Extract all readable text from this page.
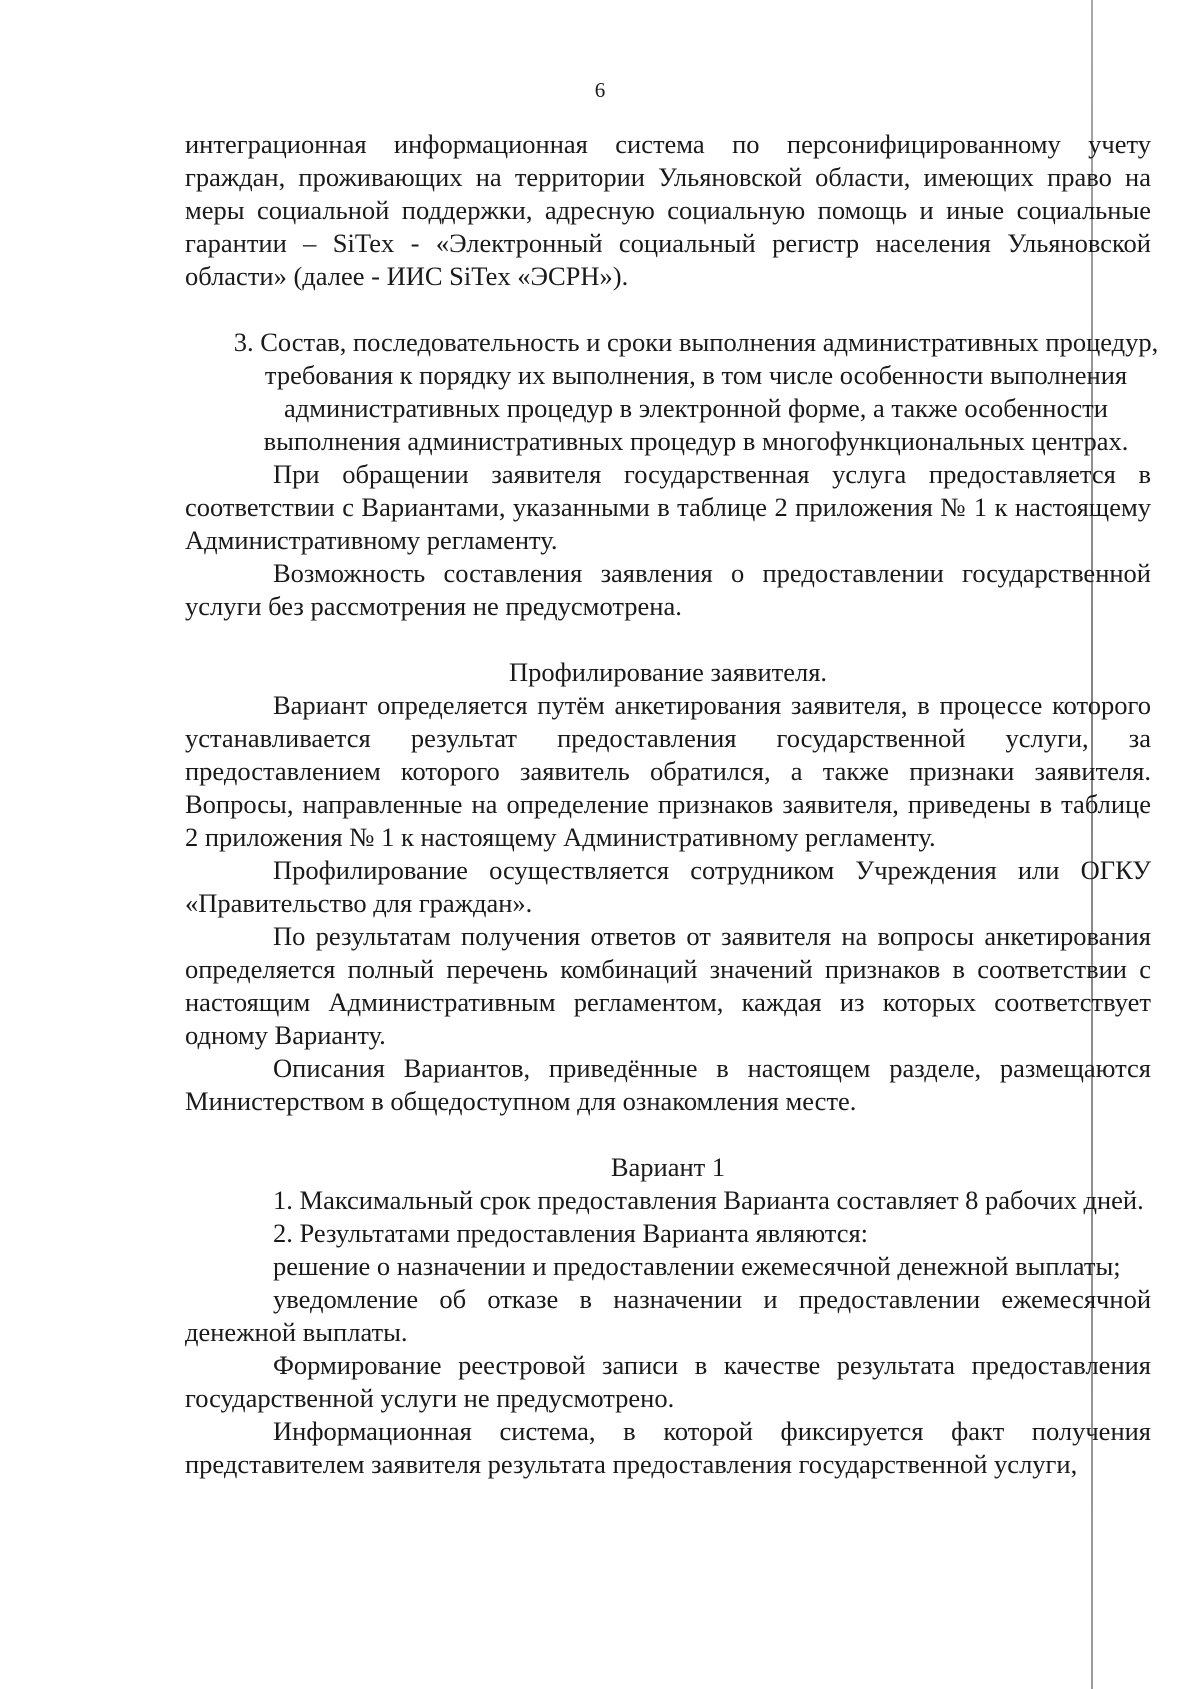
6

интеграционная информационная система по персонифицированному учету граждан, проживающих на территории Ульяновской области, имеющих право на меры социальной поддержки, адресную социальную помощь и иные социальные гарантии – SiTex - «Электронный социальный регистр населения Ульяновской области» (далее - ИИС SiTex «ЭСРН»).

3. Состав, последовательность и сроки выполнения административных процедур, требования к порядку их выполнения, в том числе особенности выполнения административных процедур в электронной форме, а также особенности выполнения административных процедур в многофункциональных центрах.

При обращении заявителя государственная услуга предоставляется в соответствии с Вариантами, указанными в таблице 2 приложения № 1 к настоящему Административному регламенту.

Возможность составления заявления о предоставлении государственной услуги без рассмотрения не предусмотрена.

Профилирование заявителя.

Вариант определяется путём анкетирования заявителя, в процессе которого устанавливается результат предоставления государственной услуги, за предоставлением которого заявитель обратился, а также признаки заявителя. Вопросы, направленные на определение признаков заявителя, приведены в таблице 2 приложения № 1 к настоящему Административному регламенту.

Профилирование осуществляется сотрудником Учреждения или ОГКУ «Правительство для граждан».

По результатам получения ответов от заявителя на вопросы анкетирования определяется полный перечень комбинаций значений признаков в соответствии с настоящим Административным регламентом, каждая из которых соответствует одному Варианту.

Описания Вариантов, приведённые в настоящем разделе, размещаются Министерством в общедоступном для ознакомления месте.

Вариант 1

1. Максимальный срок предоставления Варианта составляет 8 рабочих дней.

2. Результатами предоставления Варианта являются:

решение о назначении и предоставлении ежемесячной денежной выплаты;

уведомление об отказе в назначении и предоставлении ежемесячной денежной выплаты.

Формирование реестровой записи в качестве результата предоставления государственной услуги не предусмотрено.

Информационная система, в которой фиксируется факт получения представителем заявителя результата предоставления государственной услуги,
